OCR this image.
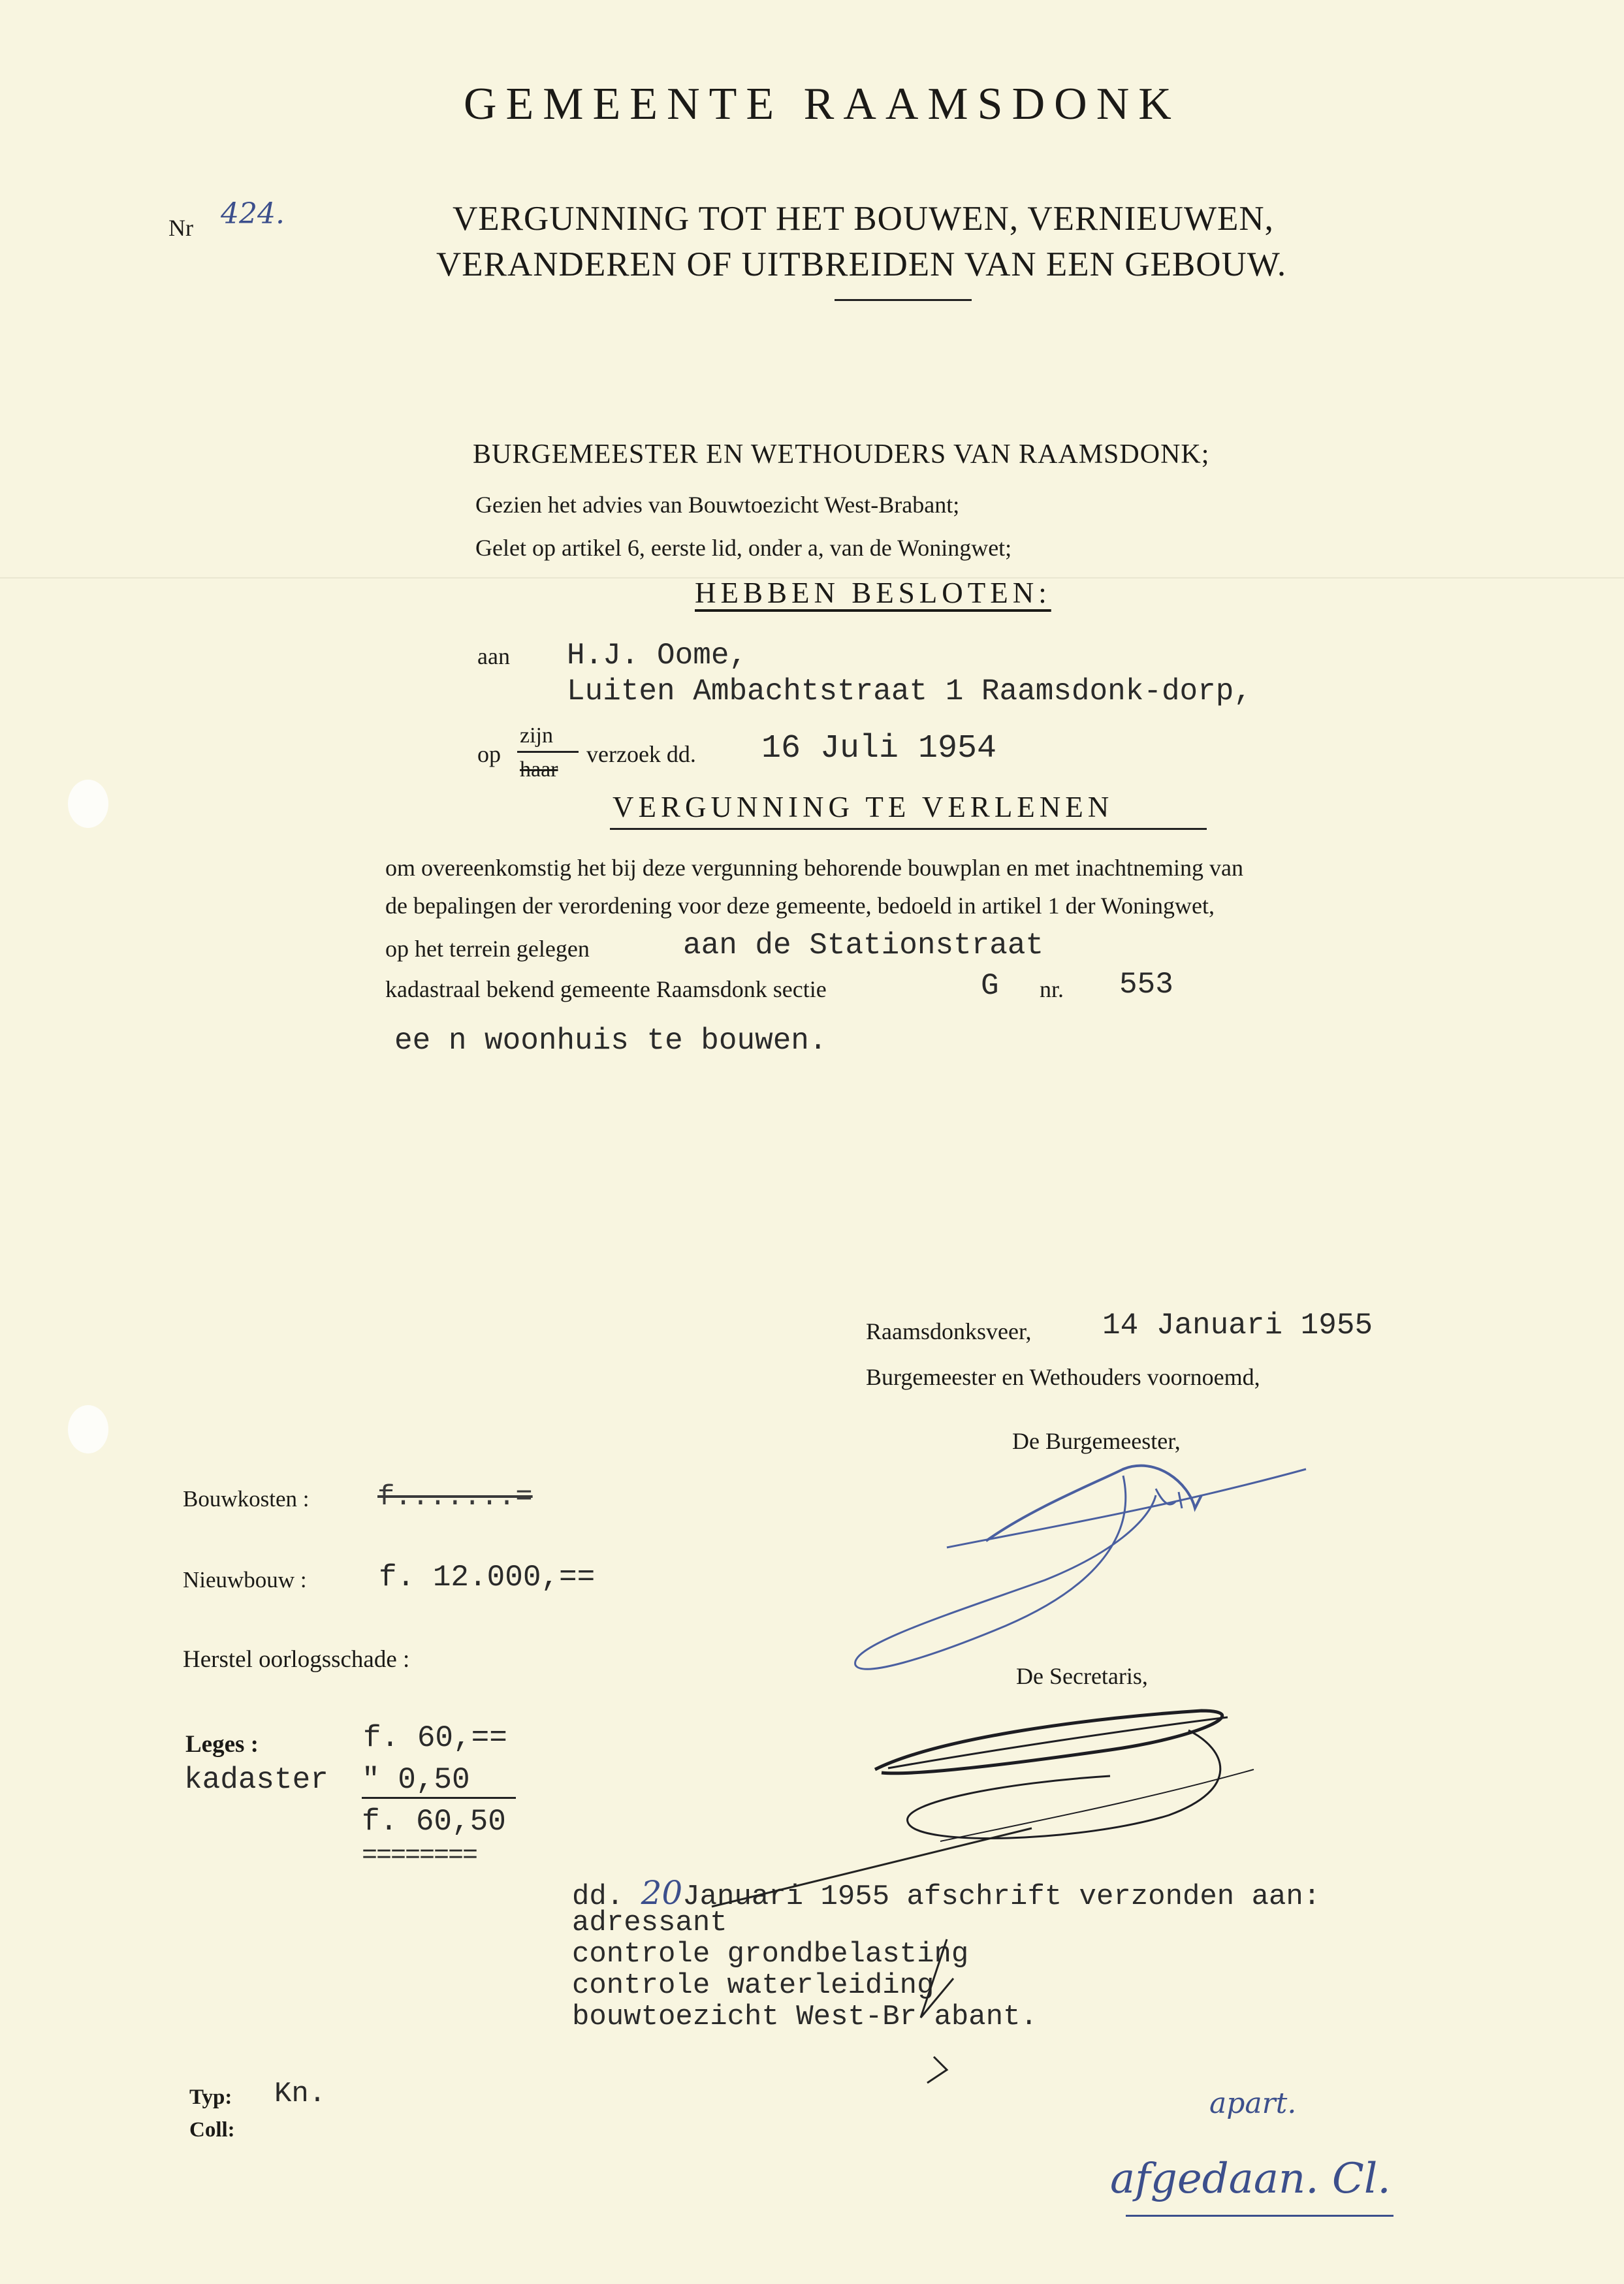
GEMEENTE RAAMSDONK
Nr 424.	VERGUNNING TOT HET BOUWEN, VERNIEUWEN,
VERANDEREN OF UITBREIDEN VAN EEN GEBOUW.
BURGEMEESTER EN WETHOUDERS VAN RAAMSDONK;
Gezien het advies van Bouwtoezicht West-Brabant;
Gelet op artikel 6, eerste lid, onder a, van de Woningwet;
HEBBEN BESLOTEN:
aan H.J. Oome,
Luiten Ambachtstraat 1 Raamsdonk-dorp,
op
zijn
haar
verzoek dd. 16 Juli 1954
VERGUNNING TE VERLENEN
om overeenkomstig het bij deze vergunning behorende bouwplan en met inachtneming van
de bepalingen der verordening voor deze gemeente, bedoeld in artikel 1 der Woningwet,
op het terrein gelegen	aan de Stationstraat
kadastraal bekend gemeente Raamsdonk sectie	G nr. 553
ee n woonhuis te bouwen.
Raamsdonksveer, 14 Januari 1955
Burgemeester en Wethouders voornoemd,
De Burgemeester,
De Secretaris,
Bouwkosten : f.......=
Nieuwbouw : f. 12.000,==
Herstel oorlogsschade :
Leges :	f. 60,==
kadaster " 0,50
f. 60,50
========
dd. 20Januari 1955 afschrift verzonden aan:
adressant
controle grondbelasting
controle waterleiding
bouwtoezicht West-Br abant.
Typ: Kn.
Coll:
apart.
afgedaan. Cl.
